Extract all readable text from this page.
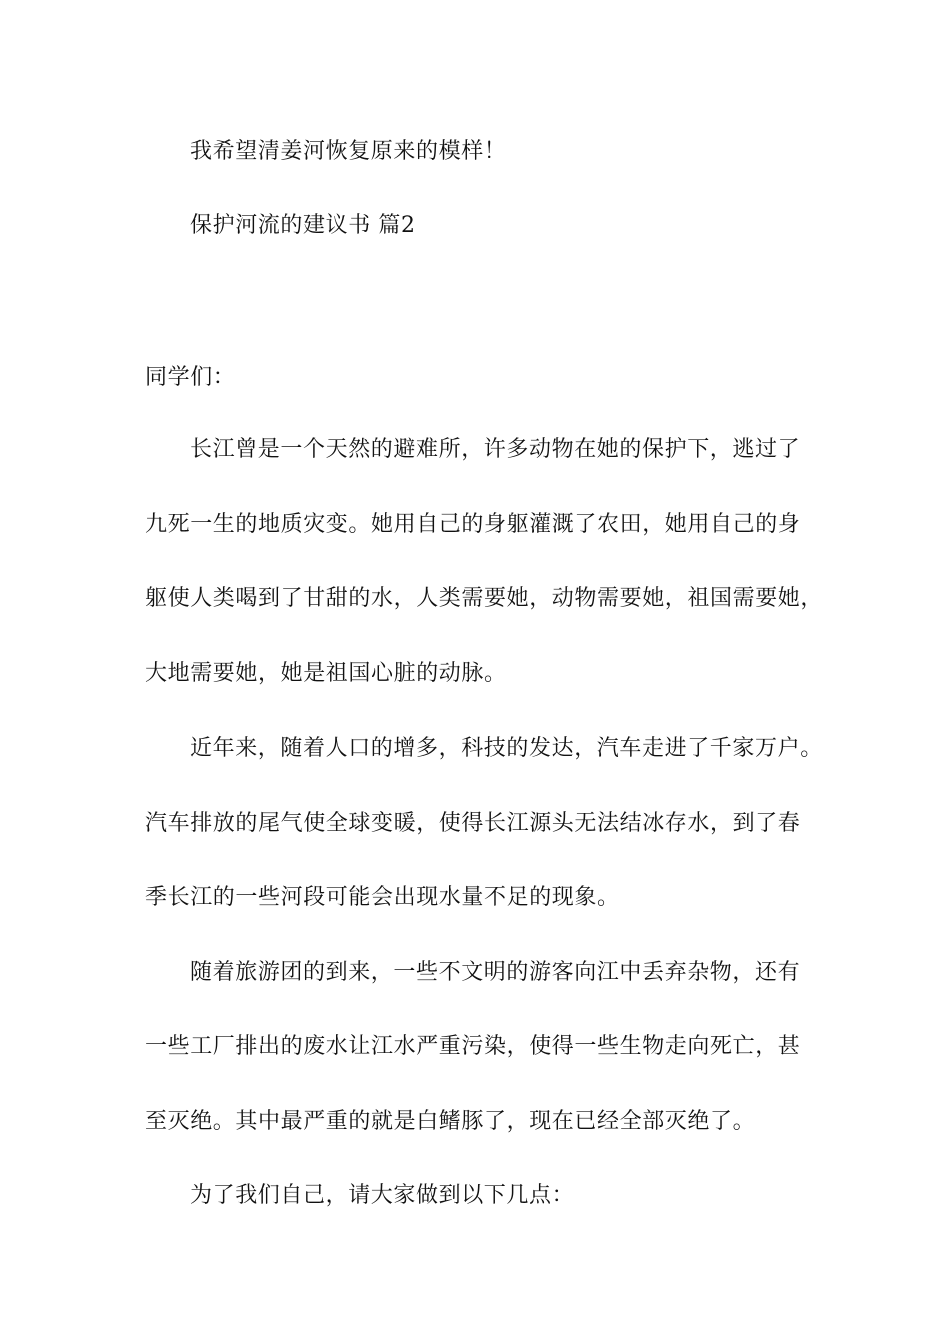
我希望清姜河恢复原来的模样！
保护河流的建议书 篇2
同学们：
长江曾是一个天然的避难所，许多动物在她的保护下，逃过了
九死一生的地质灾变。她用自己的身躯灌溉了农田，她用自己的身
躯使人类喝到了甘甜的水，人类需要她，动物需要她，祖国需要她，
大地需要她，她是祖国心脏的动脉。
近年来，随着人口的增多，科技的发达，汽车走进了千家万户。
汽车排放的尾气使全球变暖，使得长江源头无法结冰存水，到了春
季长江的一些河段可能会出现水量不足的现象。
随着旅游团的到来，一些不文明的游客向江中丢弃杂物，还有
一些工厂排出的废水让江水严重污染，使得一些生物走向死亡，甚
至灭绝。其中最严重的就是白鳍豚了，现在已经全部灭绝了。
为了我们自己，请大家做到以下几点：
